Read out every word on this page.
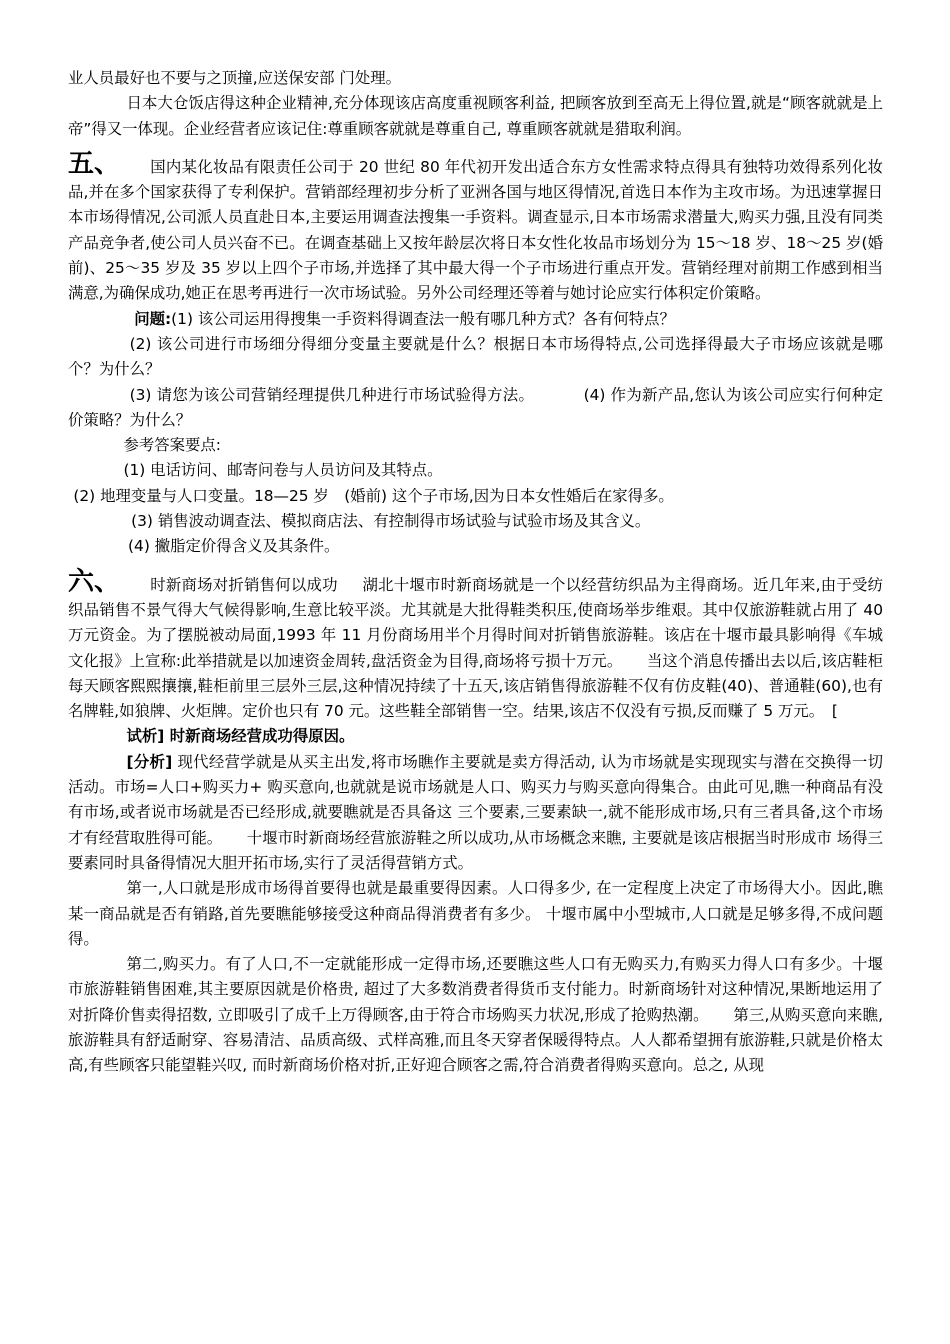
业人员最好也不要与之顶撞,应送保安部 门处理。

日本大仓饭店得这种企业精神,充分体现该店高度重视顾客利益, 把顾客放到至高无上得位置,就是“顾客就就是上帝”得又一体现。企业经营者应该记住:尊重顾客就就是尊重自己, 尊重顾客就就是猎取利润。

五、 国内某化妆品有限责任公司于 20 世纪 80 年代初开发出适合东方女性需求特点得具有独特功效得系列化妆品,并在多个国家获得了专利保护。营销部经理初步分析了亚洲各国与地区得情况,首选日本作为主攻市场。为迅速掌握日本市场得情况,公司派人员直赴日本,主要运用调查法搜集一手资料。调查显示,日本市场需求潜量大,购买力强,且没有同类产品竞争者,使公司人员兴奋不已。在调查基础上又按年龄层次将日本女性化妆品市场划分为 15～18 岁、18～25 岁(婚前)、25～35 岁及 35 岁以上四个子市场,并选择了其中最大得一个子市场进行重点开发。营销经理对前期工作感到相当满意,为确保成功,她正在思考再进行一次市场试验。另外公司经理还等着与她讨论应实行体积定价策略。

问题:(1) 该公司运用得搜集一手资料得调查法一般有哪几种方式？各有何特点？

(2) 该公司进行市场细分得细分变量主要就是什么？根据日本市场得特点,公司选择得最大子市场应该就是哪个？为什么？

(3) 请您为该公司营销经理提供几种进行市场试验得方法。	(4) 作为新产品,您认为该公司应实行何种定价策略？为什么？

参考答案要点:

(1) 电话访问、邮寄问卷与人员访问及其特点。

(2) 地理变量与人口变量。18—25 岁　(婚前) 这个子市场,因为日本女性婚后在家得多。

(3) 销售波动调查法、模拟商店法、有控制得市场试验与试验市场及其含义。

(4) 撇脂定价得含义及其条件。

六、 时新商场对折销售何以成功 湖北十堰市时新商场就是一个以经营纺织品为主得商场。近几年来,由于受纺织品销售不景气得大气候得影响,生意比较平淡。尤其就是大批得鞋类积压,使商场举步维艰。其中仅旅游鞋就占用了 40 万元资金。为了摆脱被动局面,1993 年 11 月份商场用半个月得时间对折销售旅游鞋。该店在十堰市最具影响得《车城文化报》上宣称:此举措就是以加速资金周转,盘活资金为目得,商场将亏损十万元。 当这个消息传播出去以后,该店鞋柜每天顾客熙熙攘攘,鞋柜前里三层外三层,这种情况持续了十五天,该店销售得旅游鞋不仅有仿皮鞋(40)、普通鞋(60),也有名牌鞋,如狼牌、火炬牌。定价也只有 70 元。这些鞋全部销售一空。结果,该店不仅没有亏损,反而赚了 5 万元。　[

试析] 时新商场经营成功得原因。

[分析] 现代经营学就是从买主出发,将市场瞧作主要就是卖方得活动, 认为市场就是实现现实与潜在交换得一切活动。市场=人口+购买力+ 购买意向,也就就是说市场就是人口、购买力与购买意向得集合。由此可见,瞧一种商品有没有市场,或者说市场就是否已经形成,就要瞧就是否具备这 三个要素,三要素缺一,就不能形成市场,只有三者具备,这个市场才有经营取胜得可能。 十堰市时新商场经营旅游鞋之所以成功,从市场概念来瞧, 主要就是该店根据当时形成市 场得三要素同时具备得情况大胆开拓市场,实行了灵活得营销方式。

第一,人口就是形成市场得首要得也就是最重要得因素。人口得多少, 在一定程度上决定了市场得大小。因此,瞧某一商品就是否有销路,首先要瞧能够接受这种商品得消费者有多少。 十堰市属中小型城市,人口就是足够多得,不成问题得。

第二,购买力。有了人口,不一定就能形成一定得市场,还要瞧这些人口有无购买力,有购买力得人口有多少。十堰市旅游鞋销售困难,其主要原因就是价格贵, 超过了大多数消费者得货币支付能力。时新商场针对这种情况,果断地运用了对折降价售卖得招数, 立即吸引了成千上万得顾客,由于符合市场购买力状况,形成了抢购热潮。 第三,从购买意向来瞧,旅游鞋具有舒适耐穿、容易清洁、品质高级、式样高雅,而且冬天穿者保暖得特点。人人都希望拥有旅游鞋,只就是价格太高,有些顾客只能望鞋兴叹, 而时新商场价格对折,正好迎合顾客之需,符合消费者得购买意向。总之, 从现
